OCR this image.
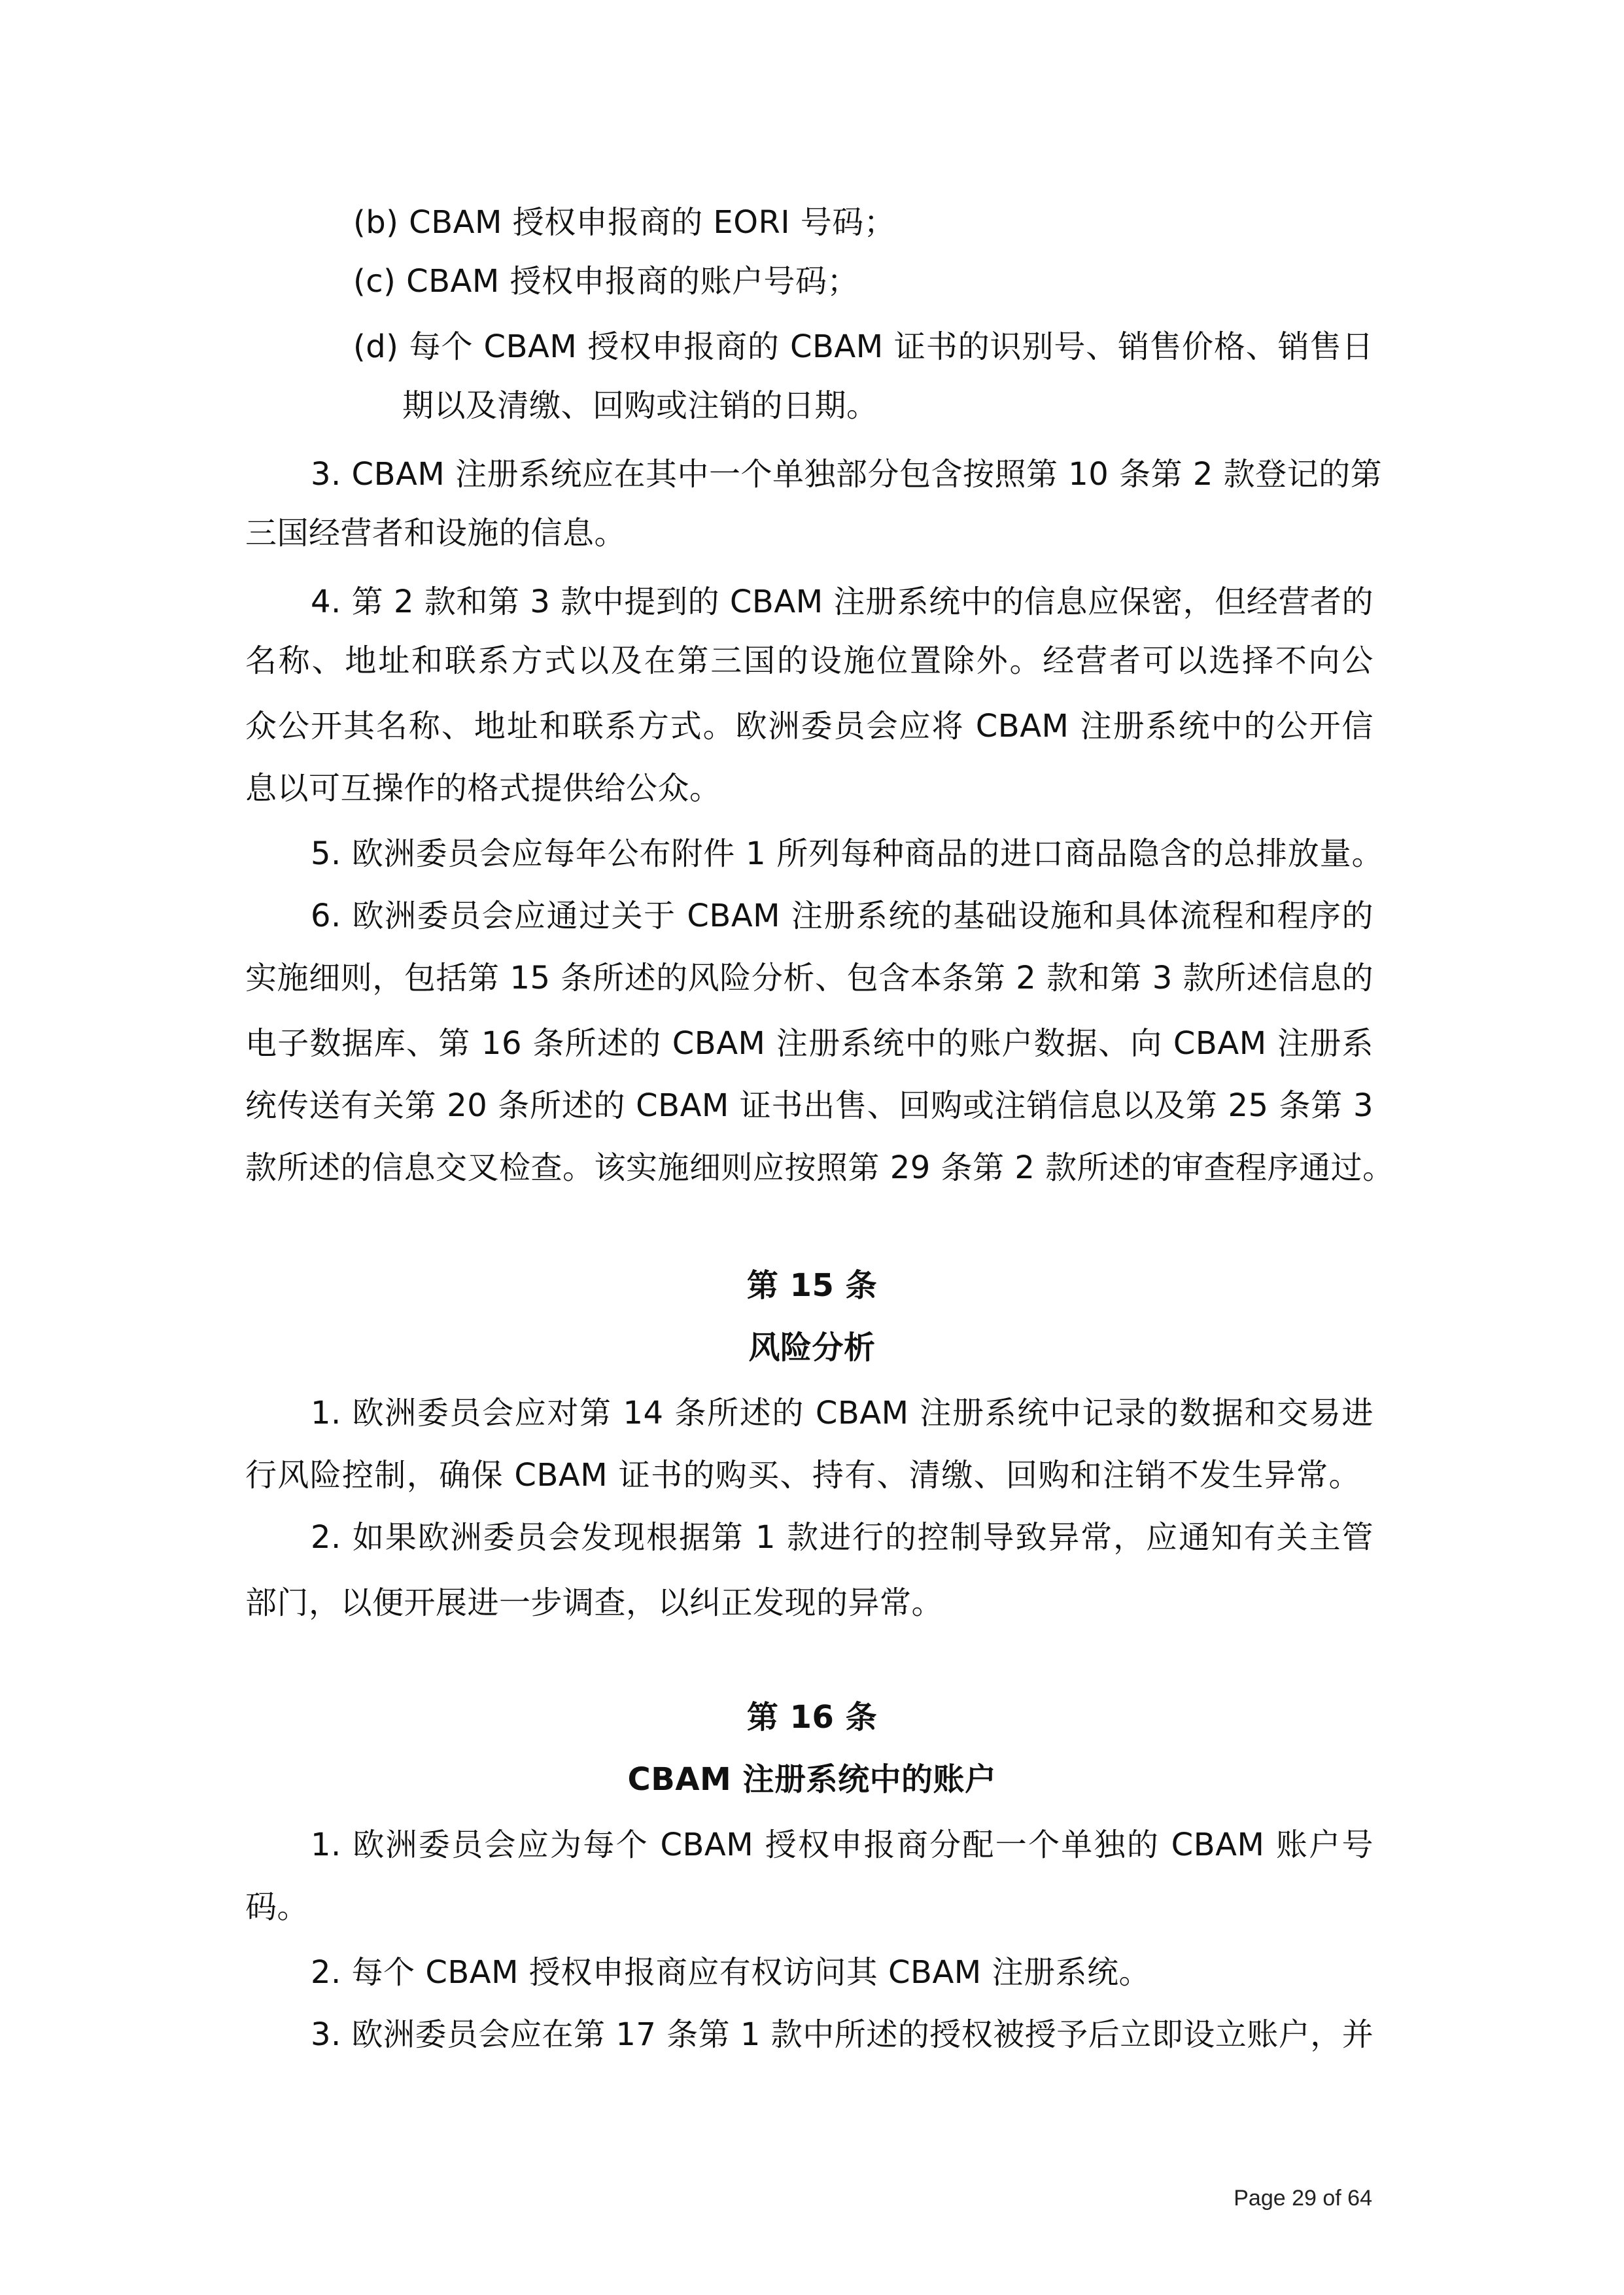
(b) CBAM 授权申报商的 EORI 号码；
(c) CBAM 授权申报商的账户号码；
(d) 每个 CBAM 授权申报商的 CBAM 证书的识别号、销售价格、销售日
期以及清缴、回购或注销的日期。
3. CBAM 注册系统应在其中一个单独部分包含按照第 10 条第 2 款登记的第
三国经营者和设施的信息。
4. 第 2 款和第 3 款中提到的 CBAM 注册系统中的信息应保密，但经营者的
名称、地址和联系方式以及在第三国的设施位置除外。经营者可以选择不向公
众公开其名称、地址和联系方式。欧洲委员会应将 CBAM 注册系统中的公开信
息以可互操作的格式提供给公众。
5. 欧洲委员会应每年公布附件 1 所列每种商品的进口商品隐含的总排放量。
6. 欧洲委员会应通过关于 CBAM 注册系统的基础设施和具体流程和程序的
实施细则，包括第 15 条所述的风险分析、包含本条第 2 款和第 3 款所述信息的
电子数据库、第 16 条所述的 CBAM 注册系统中的账户数据、向 CBAM 注册系
统传送有关第 20 条所述的 CBAM 证书出售、回购或注销信息以及第 25 条第 3
款所述的信息交叉检查。该实施细则应按照第 29 条第 2 款所述的审查程序通过。
第 15 条
风险分析
1. 欧洲委员会应对第 14 条所述的 CBAM 注册系统中记录的数据和交易进
行风险控制，确保 CBAM 证书的购买、持有、清缴、回购和注销不发生异常。
2. 如果欧洲委员会发现根据第 1 款进行的控制导致异常，应通知有关主管
部门，以便开展进一步调查，以纠正发现的异常。
第 16 条
CBAM 注册系统中的账户
1. 欧洲委员会应为每个 CBAM 授权申报商分配一个单独的 CBAM 账户号
码。
2. 每个 CBAM 授权申报商应有权访问其 CBAM 注册系统。
3. 欧洲委员会应在第 17 条第 1 款中所述的授权被授予后立即设立账户，并
Page 29 of 64
